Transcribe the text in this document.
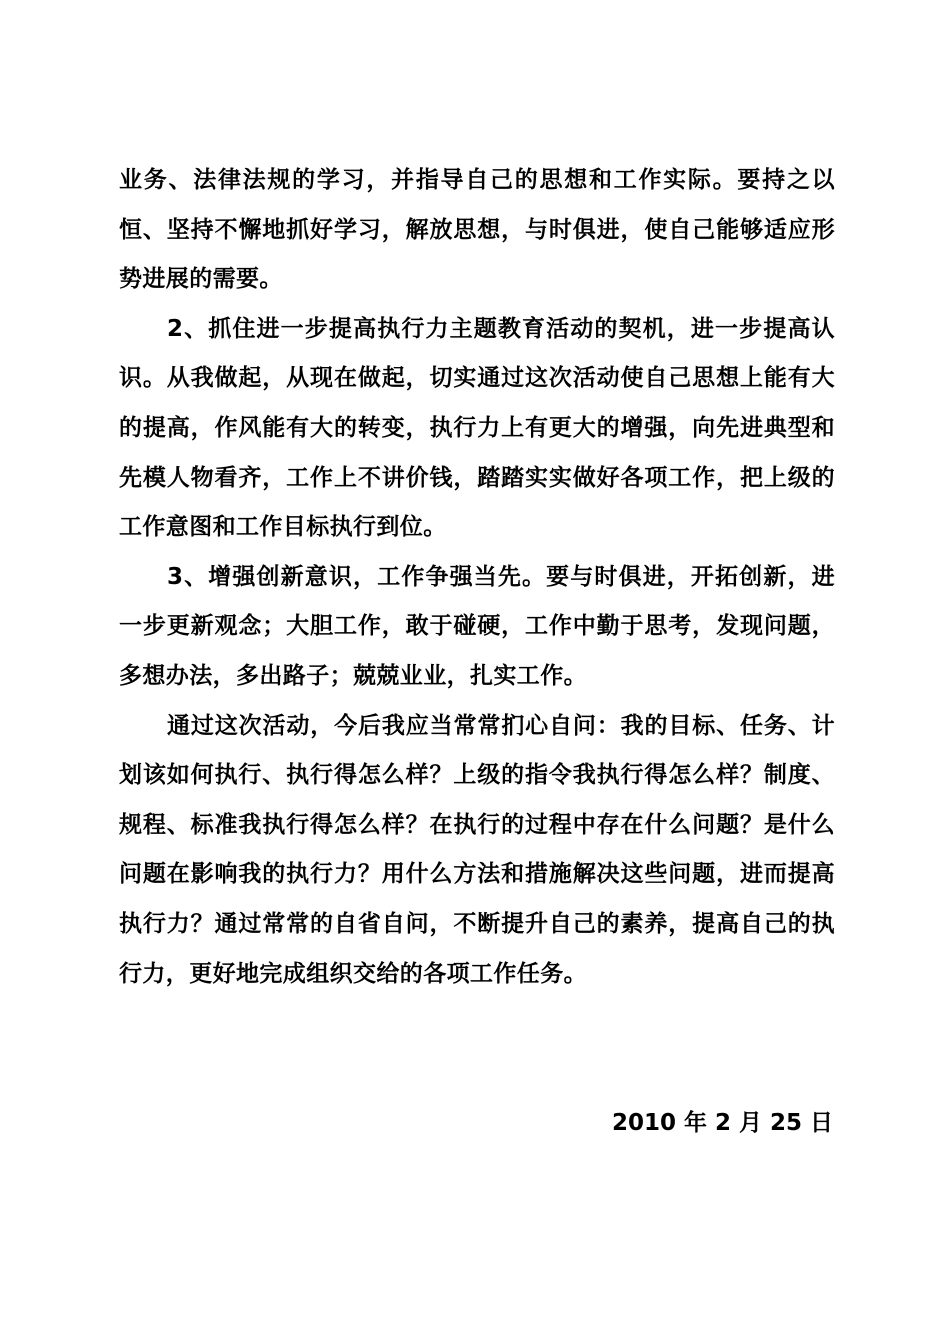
业务、法律法规的学习，并指导自己的思想和工作实际。要持之以恒、坚持不懈地抓好学习，解放思想，与时俱进，使自己能够适应形势进展的需要。

2、抓住进一步提高执行力主题教育活动的契机，进一步提高认识。从我做起，从现在做起，切实通过这次活动使自己思想上能有大的提高，作风能有大的转变，执行力上有更大的增强，向先进典型和先模人物看齐，工作上不讲价钱，踏踏实实做好各项工作，把上级的工作意图和工作目标执行到位。

3、增强创新意识，工作争强当先。要与时俱进，开拓创新，进一步更新观念；大胆工作，敢于碰硬，工作中勤于思考，发现问题，多想办法，多出路子；兢兢业业，扎实工作。

通过这次活动，今后我应当常常扪心自问：我的目标、任务、计划该如何执行、执行得怎么样？上级的指令我执行得怎么样？制度、规程、标准我执行得怎么样？在执行的过程中存在什么问题？是什么问题在影响我的执行力？用什么方法和措施解决这些问题，进而提高执行力？通过常常的自省自问，不断提升自己的素养，提高自己的执行力，更好地完成组织交给的各项工作任务。

2010 年 2 月 25 日
